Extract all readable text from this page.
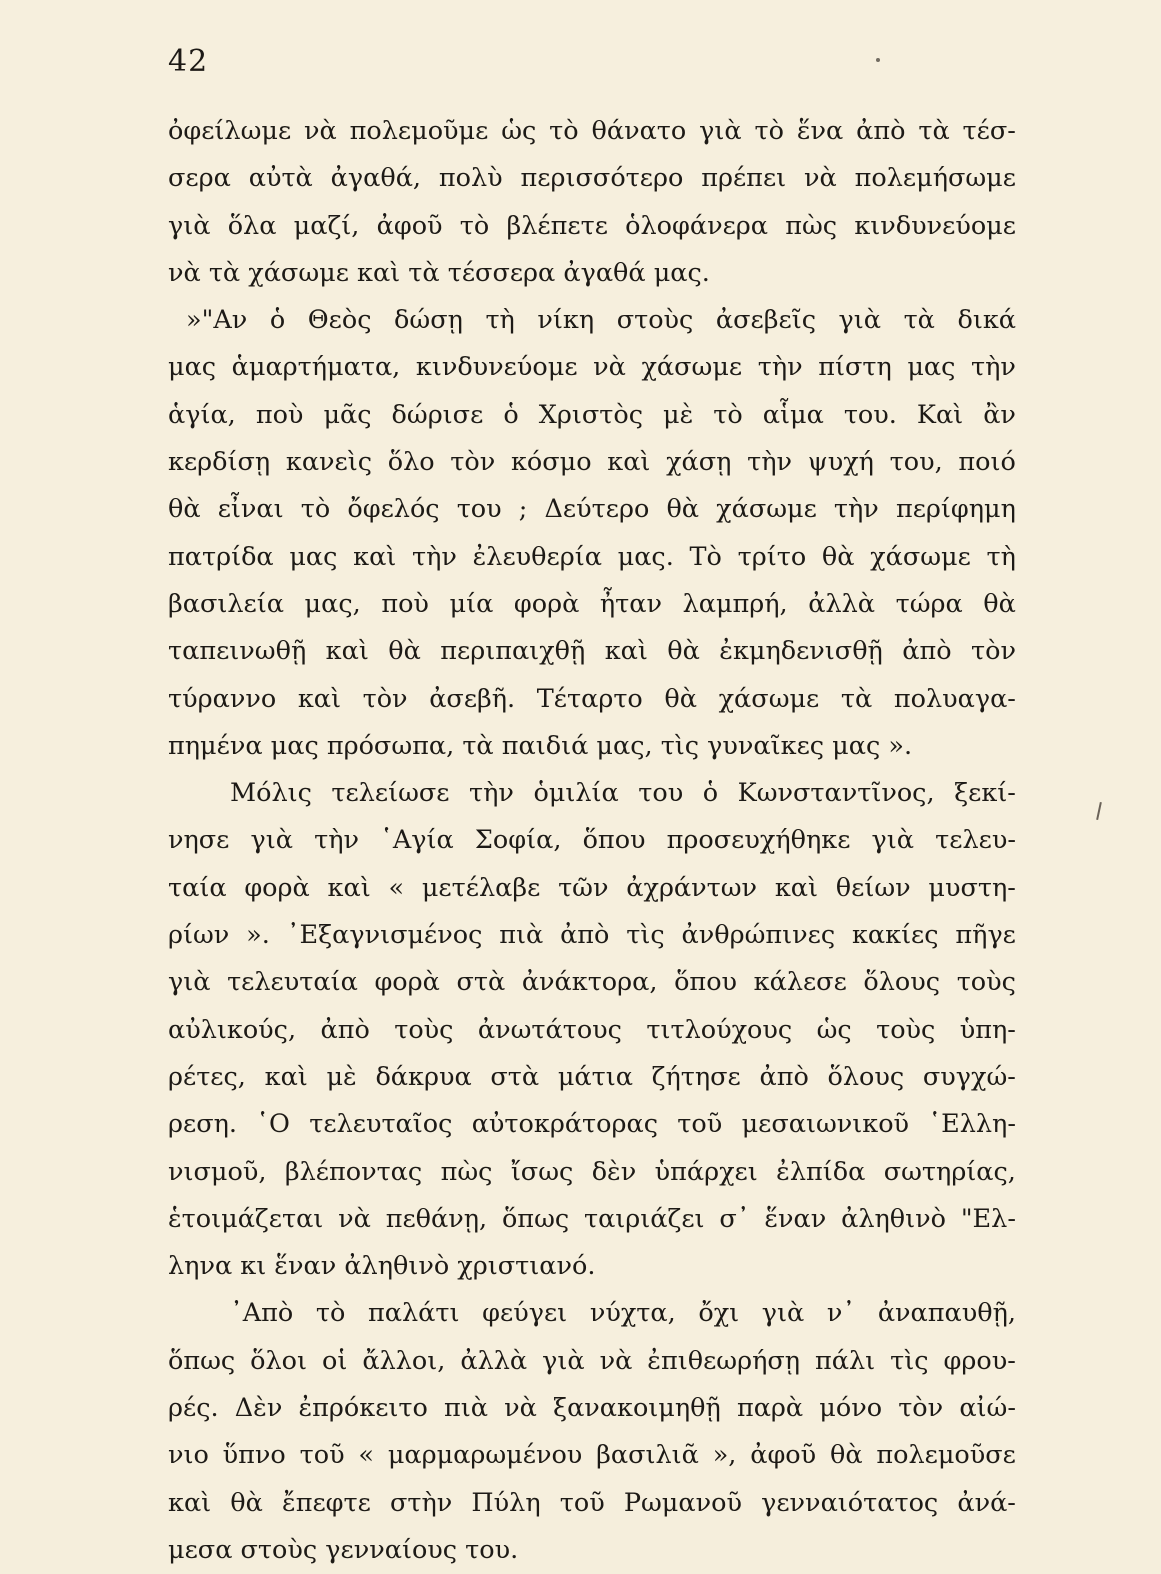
42
ὀφείλωμε νὰ πολεμοῦμε ὡς τὸ θάνατο γιὰ τὸ ἕνα ἀπὸ τὰ τέσ-
σερα αὐτὰ ἀγαθά, πολὺ περισσότερο πρέπει νὰ πολεμήσωμε
γιὰ ὅλα μαζί, ἀφοῦ τὸ βλέπετε ὁλοφάνερα πὼς κινδυνεύομε
νὰ τὰ χάσωμε καὶ τὰ τέσσερα ἀγαθά μας.
»"Αν ὁ Θεὸς δώσῃ τὴ νίκη στοὺς ἀσεβεῖς γιὰ τὰ δικά
μας ἁμαρτήματα, κινδυνεύομε νὰ χάσωμε τὴν πίστη μας τὴν
ἁγία, ποὺ μᾶς δώρισε ὁ Χριστὸς μὲ τὸ αἷμα του. Καὶ ἂν
κερδίσῃ κανεὶς ὅλο τὸν κόσμο καὶ χάσῃ τὴν ψυχή του, ποιό
θὰ εἶναι τὸ ὄφελός του ; Δεύτερο θὰ χάσωμε τὴν περίφημη
πατρίδα μας καὶ τὴν ἐλευθερία μας. Τὸ τρίτο θὰ χάσωμε τὴ
βασιλεία μας, ποὺ μία φορὰ ἦταν λαμπρή, ἀλλὰ τώρα θὰ
ταπεινωθῇ καὶ θὰ περιπαιχθῇ καὶ θὰ ἐκμηδενισθῇ ἀπὸ τὸν
τύραννο καὶ τὸν ἀσεβῆ. Τέταρτο θὰ χάσωμε τὰ πολυαγα-
πημένα μας πρόσωπα, τὰ παιδιά μας, τὶς γυναῖκες μας ».
Μόλις τελείωσε τὴν ὁμιλία του ὁ Κωνσταντῖνος, ξεκί-
νησε γιὰ τὴν ῾Αγία Σοφία, ὅπου προσευχήθηκε γιὰ τελευ-
ταία φορὰ καὶ « μετέλαβε τῶν ἀχράντων καὶ θείων μυστη-
ρίων ». ᾿Εξαγνισμένος πιὰ ἀπὸ τὶς ἀνθρώπινες κακίες πῆγε
γιὰ τελευταία φορὰ στὰ ἀνάκτορα, ὅπου κάλεσε ὅλους τοὺς
αὐλικούς, ἀπὸ τοὺς ἀνωτάτους τιτλούχους ὡς τοὺς ὑπη-
ρέτες, καὶ μὲ δάκρυα στὰ μάτια ζήτησε ἀπὸ ὅλους συγχώ-
ρεση. ῾Ο τελευταῖος αὐτοκράτορας τοῦ μεσαιωνικοῦ ῾Ελλη-
νισμοῦ, βλέποντας πὼς ἴσως δὲν ὑπάρχει ἐλπίδα σωτηρίας,
ἑτοιμάζεται νὰ πεθάνῃ, ὅπως ταιριάζει σ᾿ ἕναν ἀληθινὸ "Ελ-
ληνα κι ἕναν ἀληθινὸ χριστιανό.
᾿Απὸ τὸ παλάτι φεύγει νύχτα, ὄχι γιὰ ν᾿ ἀναπαυθῇ,
ὅπως ὅλοι οἱ ἄλλοι, ἀλλὰ γιὰ νὰ ἐπιθεωρήσῃ πάλι τὶς φρου-
ρές. Δὲν ἐπρόκειτο πιὰ νὰ ξανακοιμηθῇ παρὰ μόνο τὸν αἰώ-
νιο ὕπνο τοῦ « μαρμαρωμένου βασιλιᾶ », ἀφοῦ θὰ πολεμοῦσε
καὶ θὰ ἔπεφτε στὴν Πύλη τοῦ Ρωμανοῦ γενναιότατος ἀνά-
μεσα στοὺς γενναίους του.
